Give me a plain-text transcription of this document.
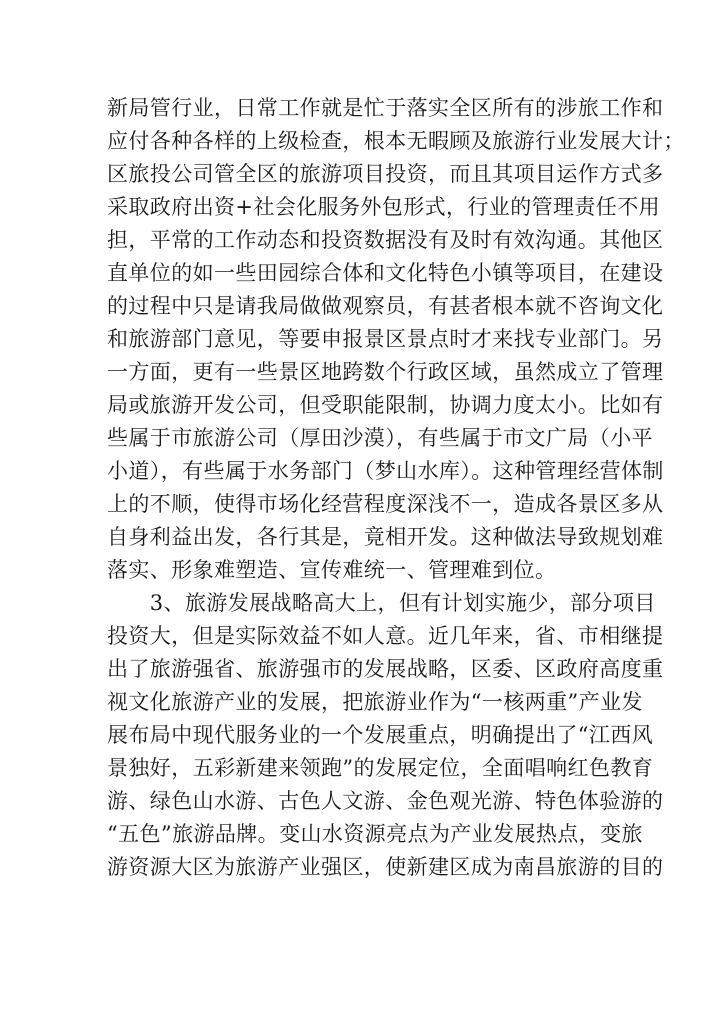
新局管行业，日常工作就是忙于落实全区所有的涉旅工作和
应付各种各样的上级检查，根本无暇顾及旅游行业发展大计；
区旅投公司管全区的旅游项目投资，而且其项目运作方式多
采取政府出资+社会化服务外包形式，行业的管理责任不用
担，平常的工作动态和投资数据没有及时有效沟通。其他区
直单位的如一些田园综合体和文化特色小镇等项目，在建设
的过程中只是请我局做做观察员，有甚者根本就不咨询文化
和旅游部门意见，等要申报景区景点时才来找专业部门。另
一方面，更有一些景区地跨数个行政区域，虽然成立了管理
局或旅游开发公司，但受职能限制，协调力度太小。比如有
些属于市旅游公司（厚田沙漠），有些属于市文广局（小平
小道），有些属于水务部门（梦山水库）。这种管理经营体制
上的不顺，使得市场化经营程度深浅不一，造成各景区多从
自身利益出发，各行其是，竟相开发。这种做法导致规划难
落实、形象难塑造、宣传难统一、管理难到位。
　　3、旅游发展战略高大上，但有计划实施少，部分项目
投资大，但是实际效益不如人意。近几年来，省、市相继提
出了旅游强省、旅游强市的发展战略，区委、区政府高度重
视文化旅游产业的发展，把旅游业作为“一核两重”产业发
展布局中现代服务业的一个发展重点，明确提出了“江西风
景独好，五彩新建来领跑”的发展定位，全面唱响红色教育
游、绿色山水游、古色人文游、金色观光游、特色体验游的
“五色”旅游品牌。变山水资源亮点为产业发展热点，变旅
游资源大区为旅游产业强区，使新建区成为南昌旅游的目的
